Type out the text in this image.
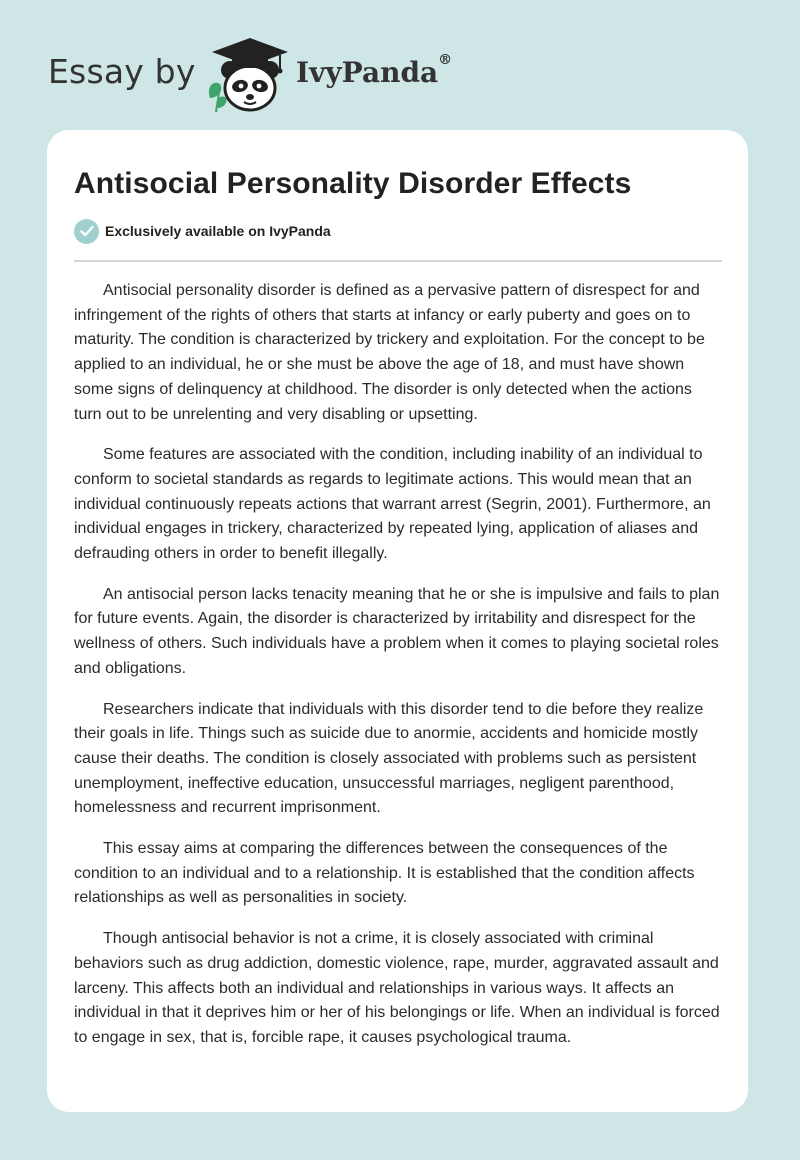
Essay by	IvyPanda®
Antisocial Personality Disorder Effects
Exclusively available on IvyPanda

Antisocial personality disorder is defined as a pervasive pattern of disrespect for and infringement of the rights of others that starts at infancy or early puberty and goes on to maturity. The condition is characterized by trickery and exploitation. For the concept to be applied to an individual, he or she must be above the age of 18, and must have shown some signs of delinquency at childhood. The disorder is only detected when the actions turn out to be unrelenting and very disabling or upsetting.

Some features are associated with the condition, including inability of an individual to conform to societal standards as regards to legitimate actions. This would mean that an individual continuously repeats actions that warrant arrest (Segrin, 2001). Furthermore, an individual engages in trickery, characterized by repeated lying, application of aliases and defrauding others in order to benefit illegally.

An antisocial person lacks tenacity meaning that he or she is impulsive and fails to plan for future events. Again, the disorder is characterized by irritability and disrespect for the wellness of others. Such individuals have a problem when it comes to playing societal roles and obligations.

Researchers indicate that individuals with this disorder tend to die before they realize their goals in life. Things such as suicide due to anormie, accidents and homicide mostly cause their deaths. The condition is closely associated with problems such as persistent unemployment, ineffective education, unsuccessful marriages, negligent parenthood, homelessness and recurrent imprisonment.

This essay aims at comparing the differences between the consequences of the condition to an individual and to a relationship. It is established that the condition affects relationships as well as personalities in society.

Though antisocial behavior is not a crime, it is closely associated with criminal behaviors such as drug addiction, domestic violence, rape, murder, aggravated assault and larceny. This affects both an individual and relationships in various ways. It affects an individual in that it deprives him or her of his belongings or life. When an individual is forced to engage in sex, that is, forcible rape, it causes psychological trauma.
